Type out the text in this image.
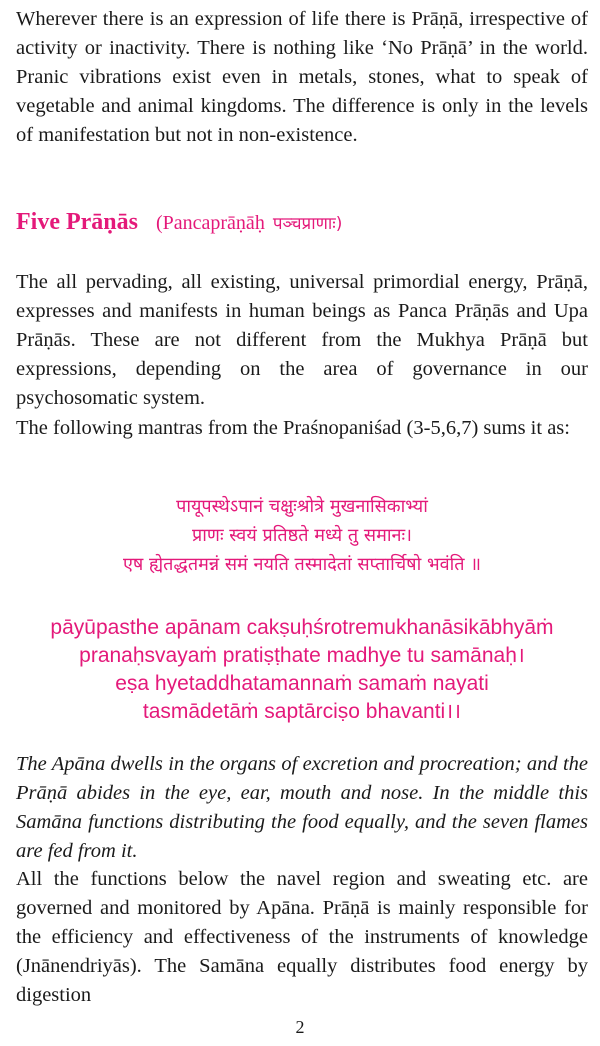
Wherever there is an expression of life there is Prāṇā, irrespective of activity or inactivity. There is nothing like ‘No Prāṇā’ in the world. Pranic vibrations exist even in metals, stones, what to speak of vegetable and animal kingdoms. The difference is only in the levels of manifestation but not in non-existence.

Five Prāṇās (Pancaprāṇāḥ पञ्चप्राणाः)

The all pervading, all existing, universal primordial energy, Prāṇā, expresses and manifests in human beings as Panca Prāṇās and Upa Prāṇās. These are not different from the Mukhya Prāṇā but expressions, depending on the area of governance in our psychosomatic system.

The following mantras from the Praśnopaniśad (3-5,6,7) sums it as:

पायूपस्थेऽपानं चक्षुःश्रोत्रे मुखनासिकाभ्यां
प्राणः स्वयं प्रतिष्ठते मध्ये तु समानः।
एष ह्येतद्धतमन्नं समं नयति तस्मादेतां सप्तार्चिषो भवंति ॥
pāyūpasthe apānam cakṣuḥśrotremukhanāsikābhyāṁ
pranaḥsvayaṁ pratiṣṭhate madhye tu samānaḥ।
eṣa hyetaddhatamannaṁ samaṁ nayati
tasmādetāṁ saptārciṣo bhavanti।।

The Apāna dwells in the organs of excretion and procreation; and the Prāṇā abides in the eye, ear, mouth and nose. In the middle this Samāna functions distributing the food equally, and the seven flames are fed from it.

All the functions below the navel region and sweating etc. are governed and monitored by Apāna. Prāṇā is mainly responsible for the efficiency and effectiveness of the instruments of knowledge (Jnānendriyās). The Samāna equally distributes food energy by digestion

2
